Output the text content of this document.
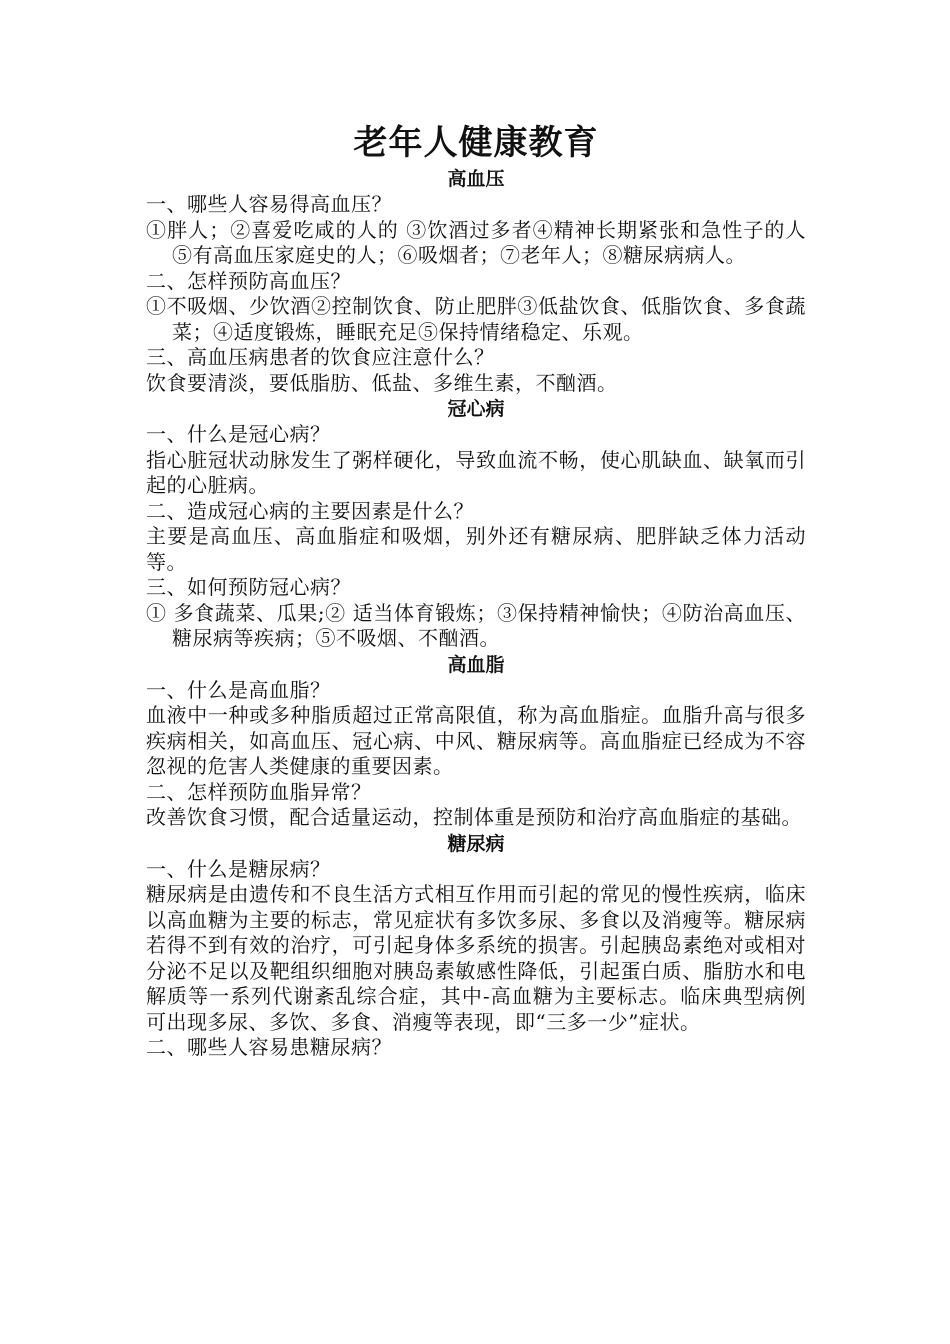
老年人健康教育
高血压

一、哪些人容易得高血压？

①胖人；②喜爱吃咸的人的 ③饮酒过多者④精神长期紧张和急性子的人⑤有高血压家庭史的人；⑥吸烟者；⑦老年人；⑧糖尿病病人。

二、怎样预防高血压？

①不吸烟、少饮酒②控制饮食、防止肥胖③低盐饮食、低脂饮食、多食蔬菜；④适度锻炼，睡眠充足⑤保持情绪稳定、乐观。

三、高血压病患者的饮食应注意什么？

饮食要清淡，要低脂肪、低盐、多维生素，不酗酒。

冠心病

一、什么是冠心病？

指心脏冠状动脉发生了粥样硬化，导致血流不畅，使心肌缺血、缺氧而引起的心脏病。

二、造成冠心病的主要因素是什么？

主要是高血压、高血脂症和吸烟，别外还有糖尿病、肥胖缺乏体力活动等。

三、如何预防冠心病？

① 多食蔬菜、瓜果;② 适当体育锻炼；③保持精神愉快；④防治高血压、糖尿病等疾病；⑤不吸烟、不酗酒。

高血脂

一、什么是高血脂？

血液中一种或多种脂质超过正常高限值，称为高血脂症。血脂升高与很多疾病相关，如高血压、冠心病、中风、糖尿病等。高血脂症已经成为不容忽视的危害人类健康的重要因素。

二、怎样预防血脂异常？

改善饮食习惯，配合适量运动，控制体重是预防和治疗高血脂症的基础。

糖尿病

一、什么是糖尿病？

糖尿病是由遗传和不良生活方式相互作用而引起的常见的慢性疾病，临床以高血糖为主要的标志，常见症状有多饮多尿、多食以及消瘦等。糖尿病若得不到有效的治疗，可引起身体多系统的损害。引起胰岛素绝对或相对分泌不足以及靶组织细胞对胰岛素敏感性降低，引起蛋白质、脂肪水和电解质等一系列代谢紊乱综合症，其中-高血糖为主要标志。临床典型病例可出现多尿、多饮、多食、消瘦等表现，即“三多一少”症状。

二、哪些人容易患糖尿病？
